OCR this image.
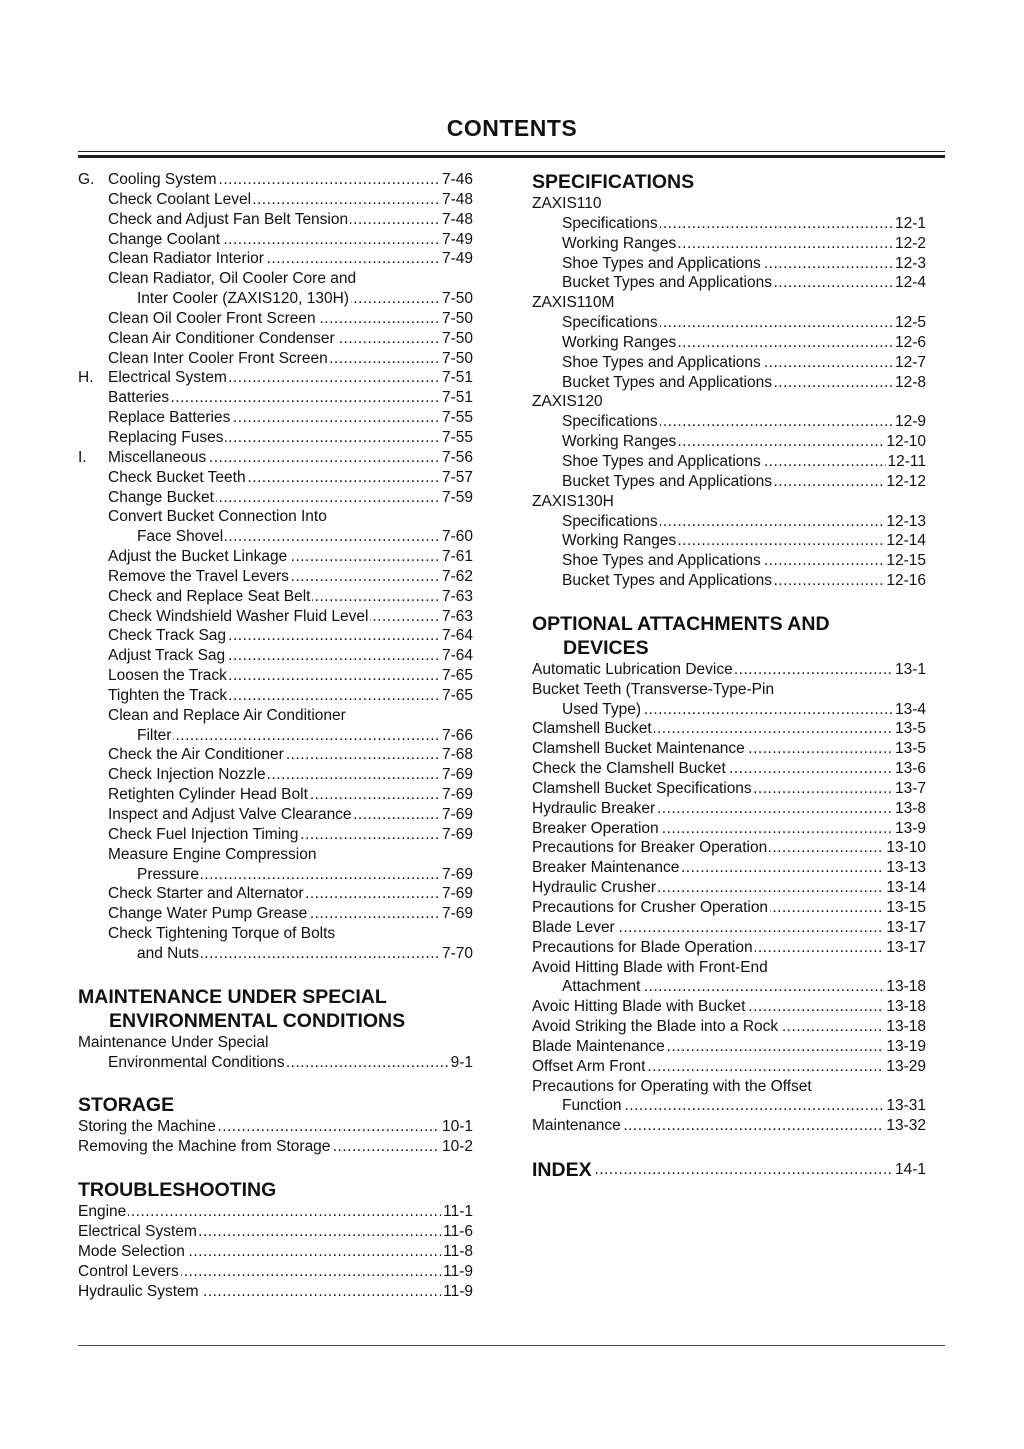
CONTENTS
.....
G. Cooling System	7-46
.....
Check Coolant Level	7-48
.....
Check and Adjust Fan Belt Tension	7-48
.....
Change Coolant	7-49
.....
Clean Radiator Interior	7-49
Clean Radiator, Oil Cooler Core and
.....
Inter Cooler (ZAXIS120, 130H)	7-50
.....
Clean Oil Cooler Front Screen	7-50
.....
Clean Air Conditioner Condenser	7-50
.....
Clean Inter Cooler Front Screen	7-50
.....
H. Electrical System	7-51
.....
Batteries	7-51
.....
Replace Batteries	7-55
.....
Replacing Fuses	7-55
.....
I. Miscellaneous	7-56
.....
Check Bucket Teeth	7-57
.....
Change Bucket	7-59
Convert Bucket Connection Into
.....
Face Shovel	7-60
.....
Adjust the Bucket Linkage	7-61
.....
Remove the Travel Levers	7-62
.....
Check and Replace Seat Belt	7-63
.....
Check Windshield Washer Fluid Level	7-63
.....
Check Track Sag	7-64
.....
Adjust Track Sag	7-64
.....
Loosen the Track	7-65
.....
Tighten the Track	7-65
Clean and Replace Air Conditioner
.....
Filter	7-66
.....
Check the Air Conditioner	7-68
.....
Check Injection Nozzle	7-69
.....
Retighten Cylinder Head Bolt	7-69
.....
Inspect and Adjust Valve Clearance	7-69
.....
Check Fuel Injection Timing	7-69
Measure Engine Compression
.....
Pressure	7-69
.....
Check Starter and Alternator	7-69
.....
Change Water Pump Grease	7-69
Check Tightening Torque of Bolts
.....
and Nuts	7-70
MAINTENANCE UNDER SPECIAL
ENVIRONMENTAL CONDITIONS
Maintenance Under Special
.....
Environmental Conditions	9-1
STORAGE
.....
Storing the Machine	10-1
.....
Removing the Machine from Storage	10-2
TROUBLESHOOTING
.....
Engine	11-1
.....
Electrical System	11-6
.....
Mode Selection	11-8
.....
Control Levers	11-9
.....
Hydraulic System	11-9
SPECIFICATIONS
ZAXIS110
.....
Specifications	12-1
.....
Working Ranges	12-2
.....
Shoe Types and Applications	12-3
.....
Bucket Types and Applications	12-4
ZAXIS110M
.....
Specifications	12-5
.....
Working Ranges	12-6
.....
Shoe Types and Applications	12-7
.....
Bucket Types and Applications	12-8
ZAXIS120
.....
Specifications	12-9
.....
Working Ranges	12-10
.....
Shoe Types and Applications	12-11
.....
Bucket Types and Applications	12-12
ZAXIS130H
.....
Specifications	12-13
.....
Working Ranges	12-14
.....
Shoe Types and Applications	12-15
.....
Bucket Types and Applications	12-16
OPTIONAL ATTACHMENTS AND
DEVICES
.....
Automatic Lubrication Device	13-1
Bucket Teeth (Transverse-Type-Pin
.....
Used Type)	13-4
.....
Clamshell Bucket	13-5
.....
Clamshell Bucket Maintenance	13-5
.....
Check the Clamshell Bucket	13-6
.....
Clamshell Bucket Specifications	13-7
.....
Hydraulic Breaker	13-8
.....
Breaker Operation	13-9
.....
Precautions for Breaker Operation	13-10
.....
Breaker Maintenance	13-13
.....
Hydraulic Crusher	13-14
.....
Precautions for Crusher Operation	13-15
.....
Blade Lever	13-17
.....
Precautions for Blade Operation	13-17
Avoid Hitting Blade with Front-End
.....
Attachment	13-18
.....
Avoic Hitting Blade with Bucket	13-18
.....
Avoid Striking the Blade into a Rock	13-18
.....
Blade Maintenance	13-19
.....
Offset Arm Front	13-29
Precautions for Operating with the Offset
.....
Function	13-31
.....
Maintenance	13-32
.....
INDEX	14-1
